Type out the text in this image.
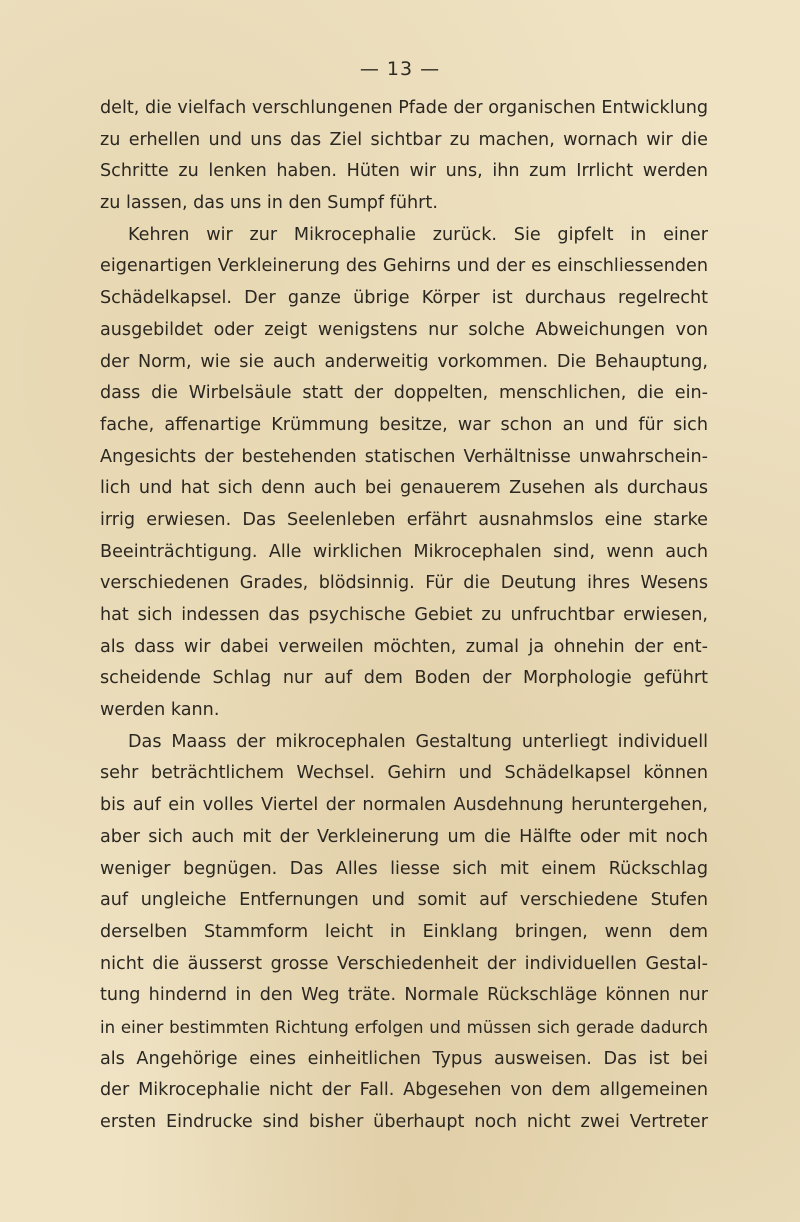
— 13 —
delt, die vielfach verschlungenen Pfade der organischen Entwicklung
zu erhellen und uns das Ziel sichtbar zu machen, wornach wir die
Schritte zu lenken haben. Hüten wir uns, ihn zum Irrlicht werden
zu lassen, das uns in den Sumpf führt.
Kehren wir zur Mikrocephalie zurück. Sie gipfelt in einer
eigenartigen Verkleinerung des Gehirns und der es einschliessenden
Schädelkapsel. Der ganze übrige Körper ist durchaus regelrecht
ausgebildet oder zeigt wenigstens nur solche Abweichungen von
der Norm, wie sie auch anderweitig vorkommen. Die Behauptung,
dass die Wirbelsäule statt der doppelten, menschlichen, die ein-
fache, affenartige Krümmung besitze, war schon an und für sich
Angesichts der bestehenden statischen Verhältnisse unwahrschein-
lich und hat sich denn auch bei genauerem Zusehen als durchaus
irrig erwiesen. Das Seelenleben erfährt ausnahmslos eine starke
Beeinträchtigung. Alle wirklichen Mikrocephalen sind, wenn auch
verschiedenen Grades, blödsinnig. Für die Deutung ihres Wesens
hat sich indessen das psychische Gebiet zu unfruchtbar erwiesen,
als dass wir dabei verweilen möchten, zumal ja ohnehin der ent-
scheidende Schlag nur auf dem Boden der Morphologie geführt
werden kann.
Das Maass der mikrocephalen Gestaltung unterliegt individuell
sehr beträchtlichem Wechsel. Gehirn und Schädelkapsel können
bis auf ein volles Viertel der normalen Ausdehnung heruntergehen,
aber sich auch mit der Verkleinerung um die Hälfte oder mit noch
weniger begnügen. Das Alles liesse sich mit einem Rückschlag
auf ungleiche Entfernungen und somit auf verschiedene Stufen
derselben Stammform leicht in Einklang bringen, wenn dem
nicht die äusserst grosse Verschiedenheit der individuellen Gestal-
tung hindernd in den Weg träte. Normale Rückschläge können nur
in einer bestimmten Richtung erfolgen und müssen sich gerade dadurch
als Angehörige eines einheitlichen Typus ausweisen. Das ist bei
der Mikrocephalie nicht der Fall. Abgesehen von dem allgemeinen
ersten Eindrucke sind bisher überhaupt noch nicht zwei Vertreter
